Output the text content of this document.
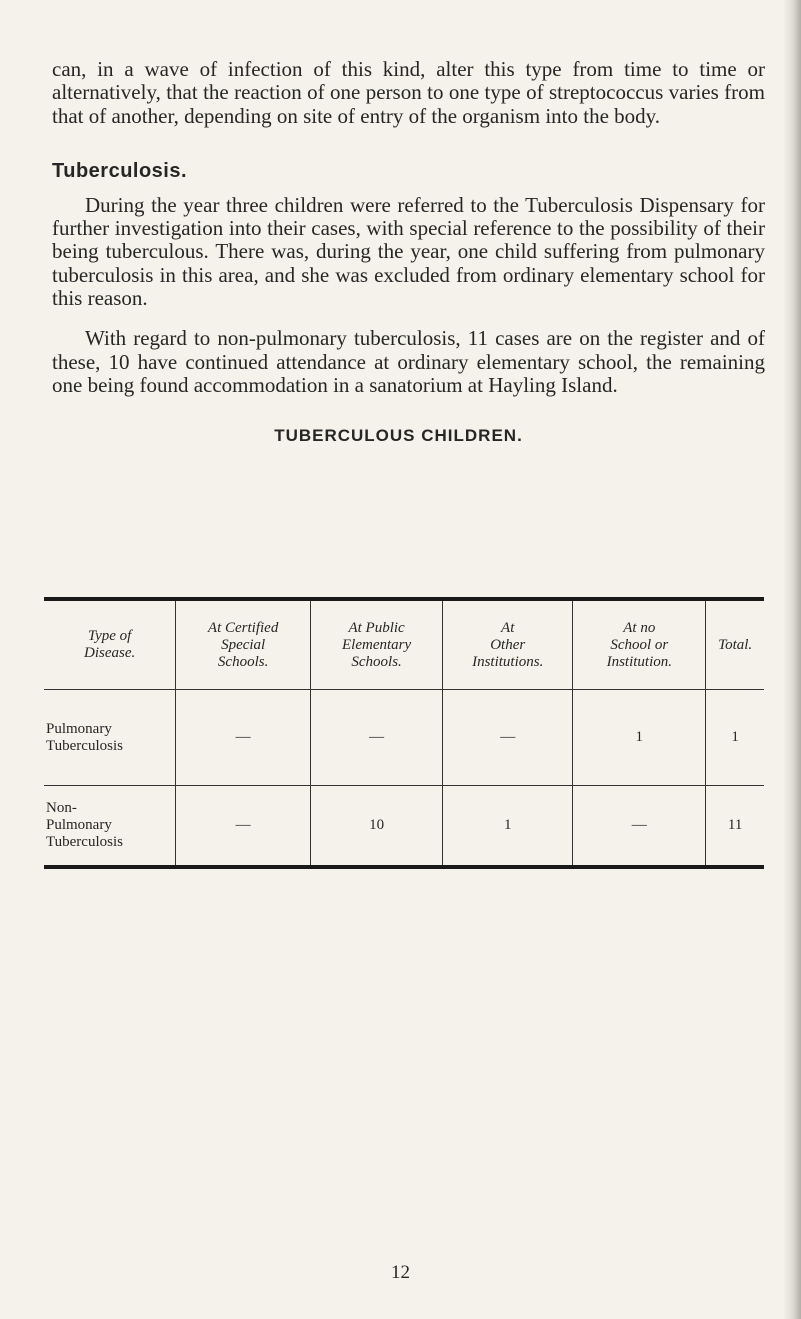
can, in a wave of infection of this kind, alter this type from time to time or alternatively, that the reaction of one person to one type of streptococcus varies from that of another, depending on site of entry of the organism into the body.

Tuberculosis.

During the year three children were referred to the Tuberculosis Dispensary for further investigation into their cases, with special reference to the possibility of their being tuberculous. There was, during the year, one child suffering from pulmonary tuberculosis in this area, and she was excluded from ordinary elementary school for this reason.

With regard to non-pulmonary tuberculosis, 11 cases are on the register and of these, 10 have continued attendance at ordinary elementary school, the remaining one being found accommodation in a sanatorium at Hayling Island.

TUBERCULOUS CHILDREN.
Type of
Disease.	At Certified
Special
Schools.	At Public
Elementary
Schools.	At
Other
Institutions.	At no
School or
Institution.	Total.
Pulmonary
Tuberculosis	—	—	—	1	1
Non-
Pulmonary
Tuberculosis	—	10	1	—	11
12
